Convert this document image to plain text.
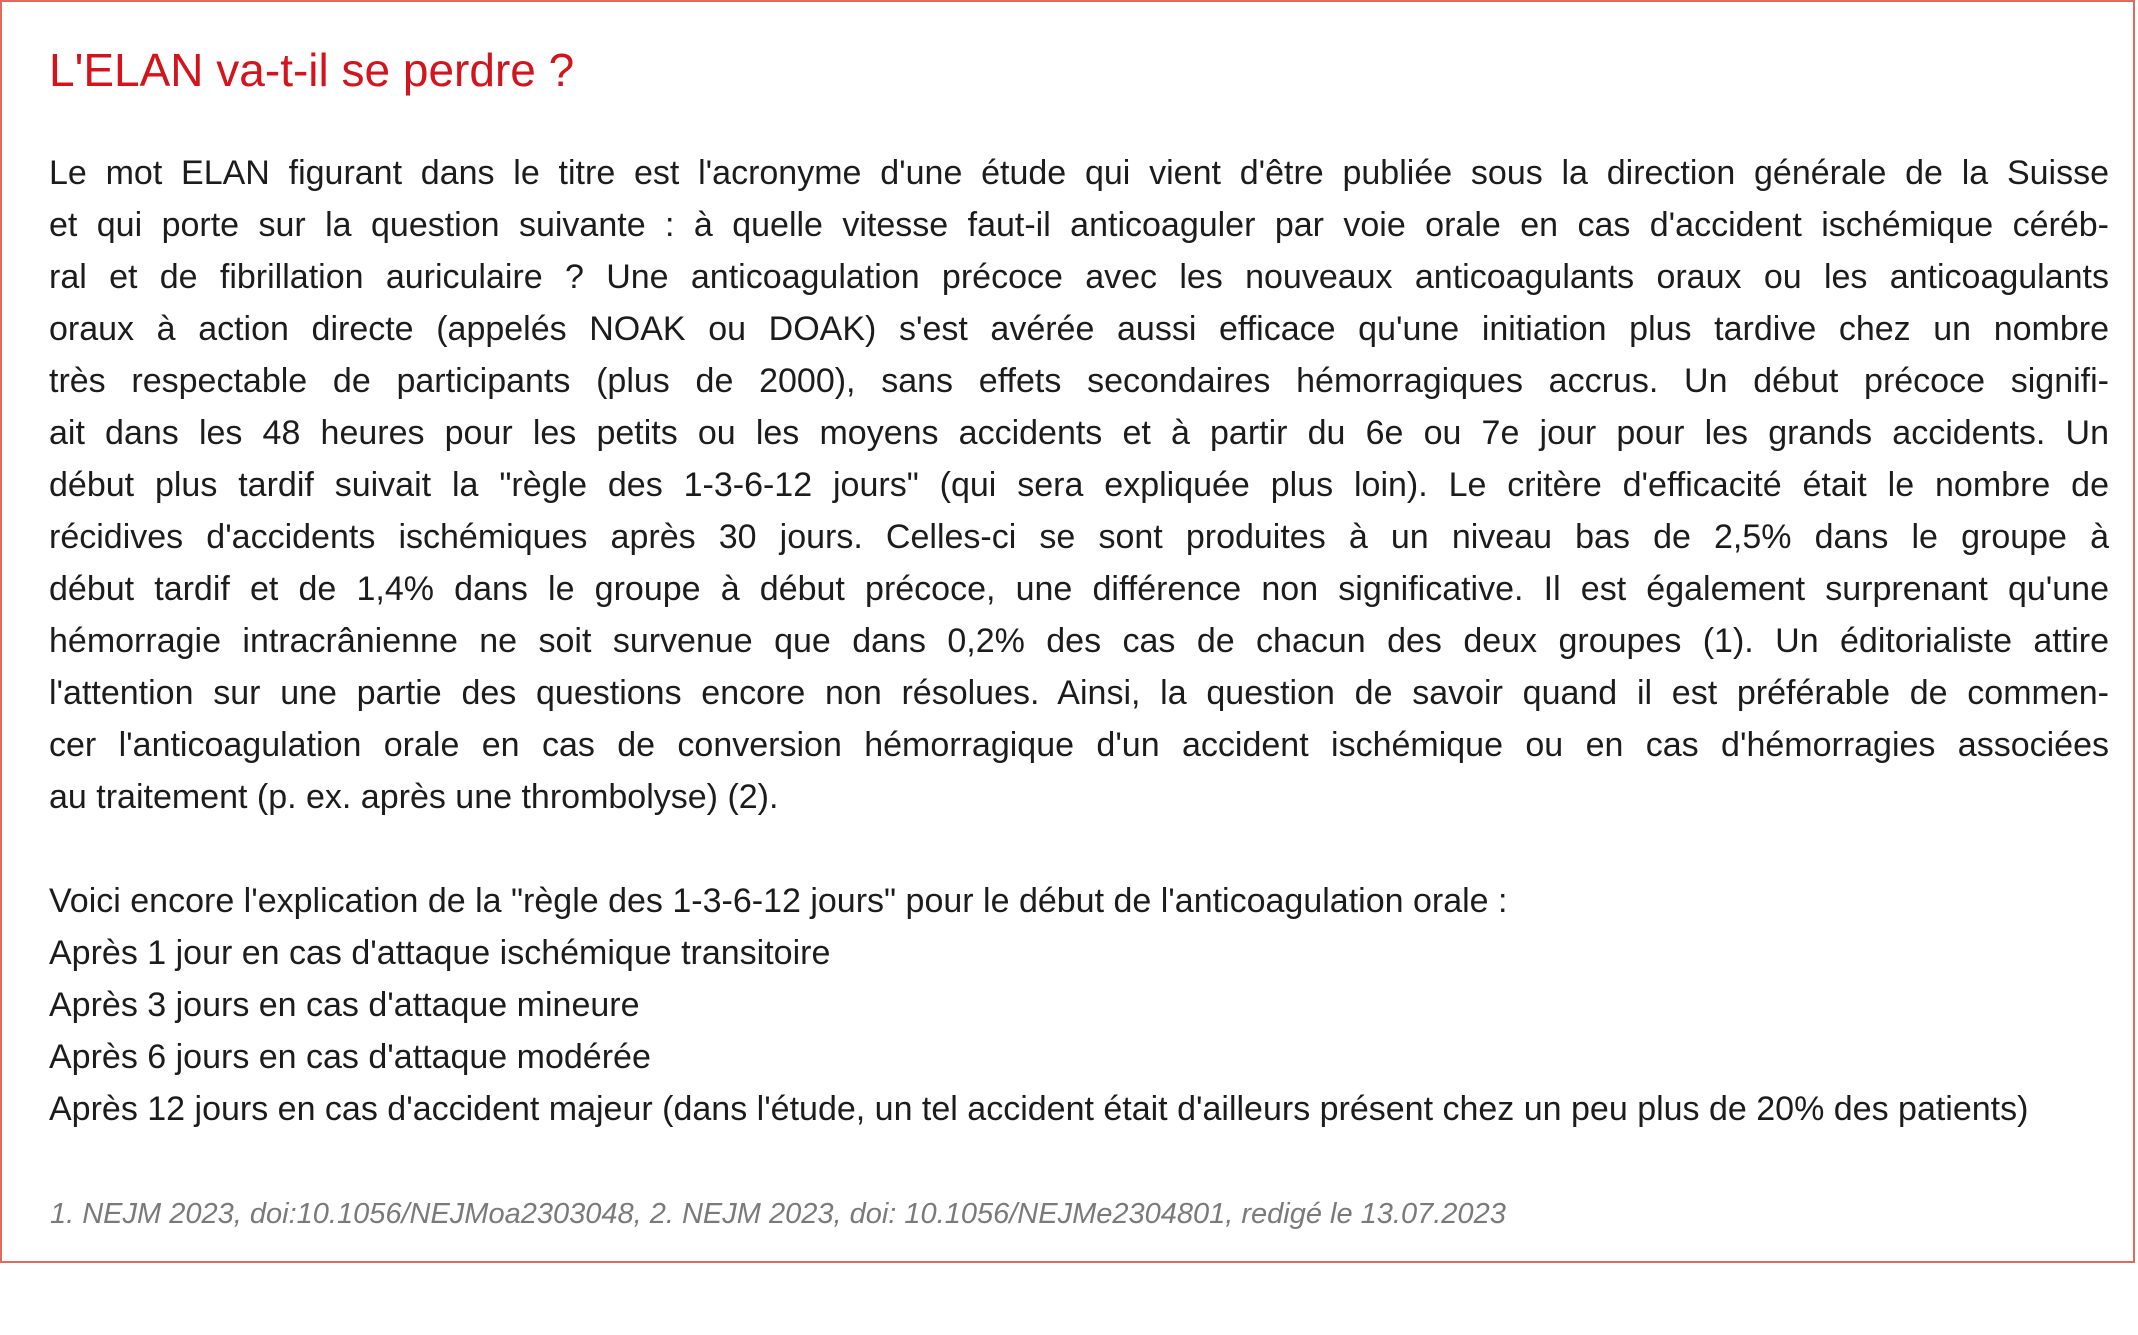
L'ELAN va-t-il se perdre ?
Le mot ELAN figurant dans le titre est l'acronyme d'une étude qui vient d'être publiée sous la direction générale de la Suisse
et qui porte sur la question suivante : à quelle vitesse faut-il anticoaguler par voie orale en cas d'accident ischémique céréb-
ral et de fibrillation auriculaire ? Une anticoagulation précoce avec les nouveaux anticoagulants oraux ou les anticoagulants
oraux à action directe (appelés NOAK ou DOAK) s'est avérée aussi efficace qu'une initiation plus tardive chez un nombre
très respectable de participants (plus de 2000), sans effets secondaires hémorragiques accrus. Un début précoce signifi-
ait dans les 48 heures pour les petits ou les moyens accidents et à partir du 6e ou 7e jour pour les grands accidents. Un
début plus tardif suivait la "règle des 1-3-6-12 jours" (qui sera expliquée plus loin). Le critère d'efficacité était le nombre de
récidives d'accidents ischémiques après 30 jours. Celles-ci se sont produites à un niveau bas de 2,5% dans le groupe à
début tardif et de 1,4% dans le groupe à début précoce, une différence non significative. Il est également surprenant qu'une
hémorragie intracrânienne ne soit survenue que dans 0,2% des cas de chacun des deux groupes (1). Un éditorialiste attire
l'attention sur une partie des questions encore non résolues. Ainsi, la question de savoir quand il est préférable de commen-
cer l'anticoagulation orale en cas de conversion hémorragique d'un accident ischémique ou en cas d'hémorragies associées
au traitement (p. ex. après une thrombolyse) (2).
Voici encore l'explication de la "règle des 1-3-6-12 jours" pour le début de l'anticoagulation orale :
Après 1 jour en cas d'attaque ischémique transitoire
Après 3 jours en cas d'attaque mineure
Après 6 jours en cas d'attaque modérée
Après 12 jours en cas d'accident majeur (dans l'étude, un tel accident était d'ailleurs présent chez un peu plus de 20% des patients)
1. NEJM 2023, doi:10.1056/NEJMoa2303048, 2. NEJM 2023, doi: 10.1056/NEJMe2304801, redigé le 13.07.2023
